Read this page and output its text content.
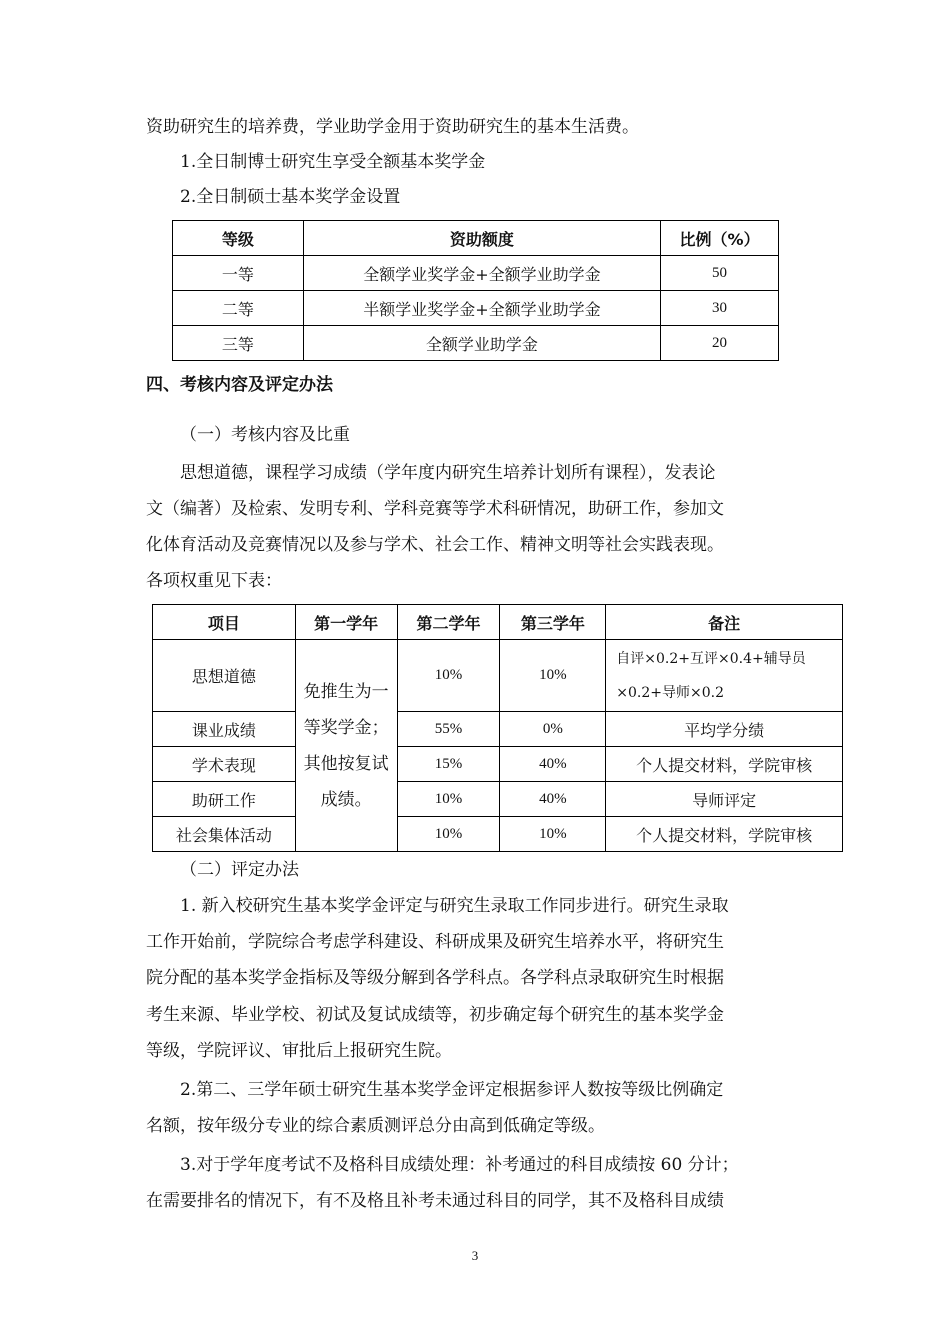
资助研究生的培养费，学业助学金用于资助研究生的基本生活费。
1.全日制博士研究生享受全额基本奖学金
2.全日制硕士基本奖学金设置
等级	资助额度	比例（%）
一等	全额学业奖学金+全额学业助学金	50
二等	半额学业奖学金+全额学业助学金	30
三等	全额学业助学金	20
四、考核内容及评定办法
（一）考核内容及比重
思想道德，课程学习成绩（学年度内研究生培养计划所有课程），发表论
文（编著）及检索、发明专利、学科竞赛等学术科研情况，助研工作，参加文
化体育活动及竞赛情况以及参与学术、社会工作、精神文明等社会实践表现。
各项权重见下表：
项目	第一学年	第二学年	第三学年	备注
思想道德	免推生为一等奖学金；其他按复试成绩。	10%	10%	自评×0.2+互评×0.4+辅导员×0.2+导师×0.2
课业成绩		55%	0%	平均学分绩
学术表现		15%	40%	个人提交材料，学院审核
助研工作		10%	40%	导师评定
社会集体活动		10%	10%	个人提交材料，学院审核
（二）评定办法
1. 新入校研究生基本奖学金评定与研究生录取工作同步进行。研究生录取
工作开始前，学院综合考虑学科建设、科研成果及研究生培养水平，将研究生
院分配的基本奖学金指标及等级分解到各学科点。各学科点录取研究生时根据
考生来源、毕业学校、初试及复试成绩等，初步确定每个研究生的基本奖学金
等级，学院评议、审批后上报研究生院。
2.第二、三学年硕士研究生基本奖学金评定根据参评人数按等级比例确定
名额，按年级分专业的综合素质测评总分由高到低确定等级。
3.对于学年度考试不及格科目成绩处理：补考通过的科目成绩按 60 分计；
在需要排名的情况下，有不及格且补考未通过科目的同学，其不及格科目成绩
3
